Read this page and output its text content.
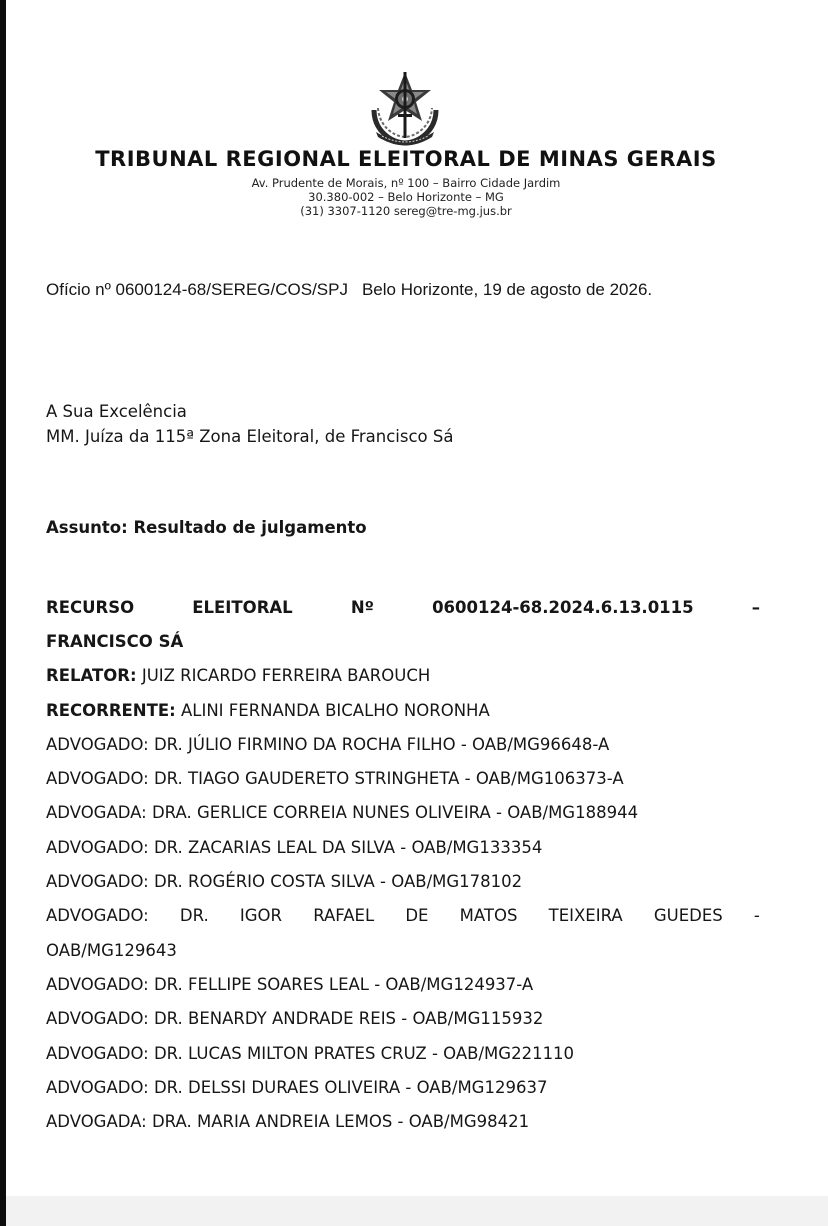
TRIBUNAL REGIONAL ELEITORAL DE MINAS GERAIS
Av. Prudente de Morais, nº 100 – Bairro Cidade Jardim
30.380-002 – Belo Horizonte – MG
(31) 3307-1120 sereg@tre-mg.jus.br
Ofício nº 0600124-68/SEREG/COS/SPJ Belo Horizonte, 19 de agosto de 2026.
A Sua Excelência
MM. Juíza da 115ª Zona Eleitoral, de Francisco Sá
Assunto: Resultado de julgamento
RECURSO	ELEITORAL	Nº	0600124-68.2024.6.13.0115	–
FRANCISCO SÁ
RELATOR: JUIZ RICARDO FERREIRA BAROUCH
RECORRENTE: ALINI FERNANDA BICALHO NORONHA
ADVOGADO: DR. JÚLIO FIRMINO DA ROCHA FILHO - OAB/MG96648-A
ADVOGADO: DR. TIAGO GAUDERETO STRINGHETA - OAB/MG106373-A
ADVOGADA: DRA. GERLICE CORREIA NUNES OLIVEIRA - OAB/MG188944
ADVOGADO: DR. ZACARIAS LEAL DA SILVA - OAB/MG133354
ADVOGADO: DR. ROGÉRIO COSTA SILVA - OAB/MG178102
ADVOGADO: DR. IGOR RAFAEL DE MATOS TEIXEIRA GUEDES -
OAB/MG129643
ADVOGADO: DR. FELLIPE SOARES LEAL - OAB/MG124937-A
ADVOGADO: DR. BENARDY ANDRADE REIS - OAB/MG115932
ADVOGADO: DR. LUCAS MILTON PRATES CRUZ - OAB/MG221110
ADVOGADO: DR. DELSSI DURAES OLIVEIRA - OAB/MG129637
ADVOGADA: DRA. MARIA ANDREIA LEMOS - OAB/MG98421
